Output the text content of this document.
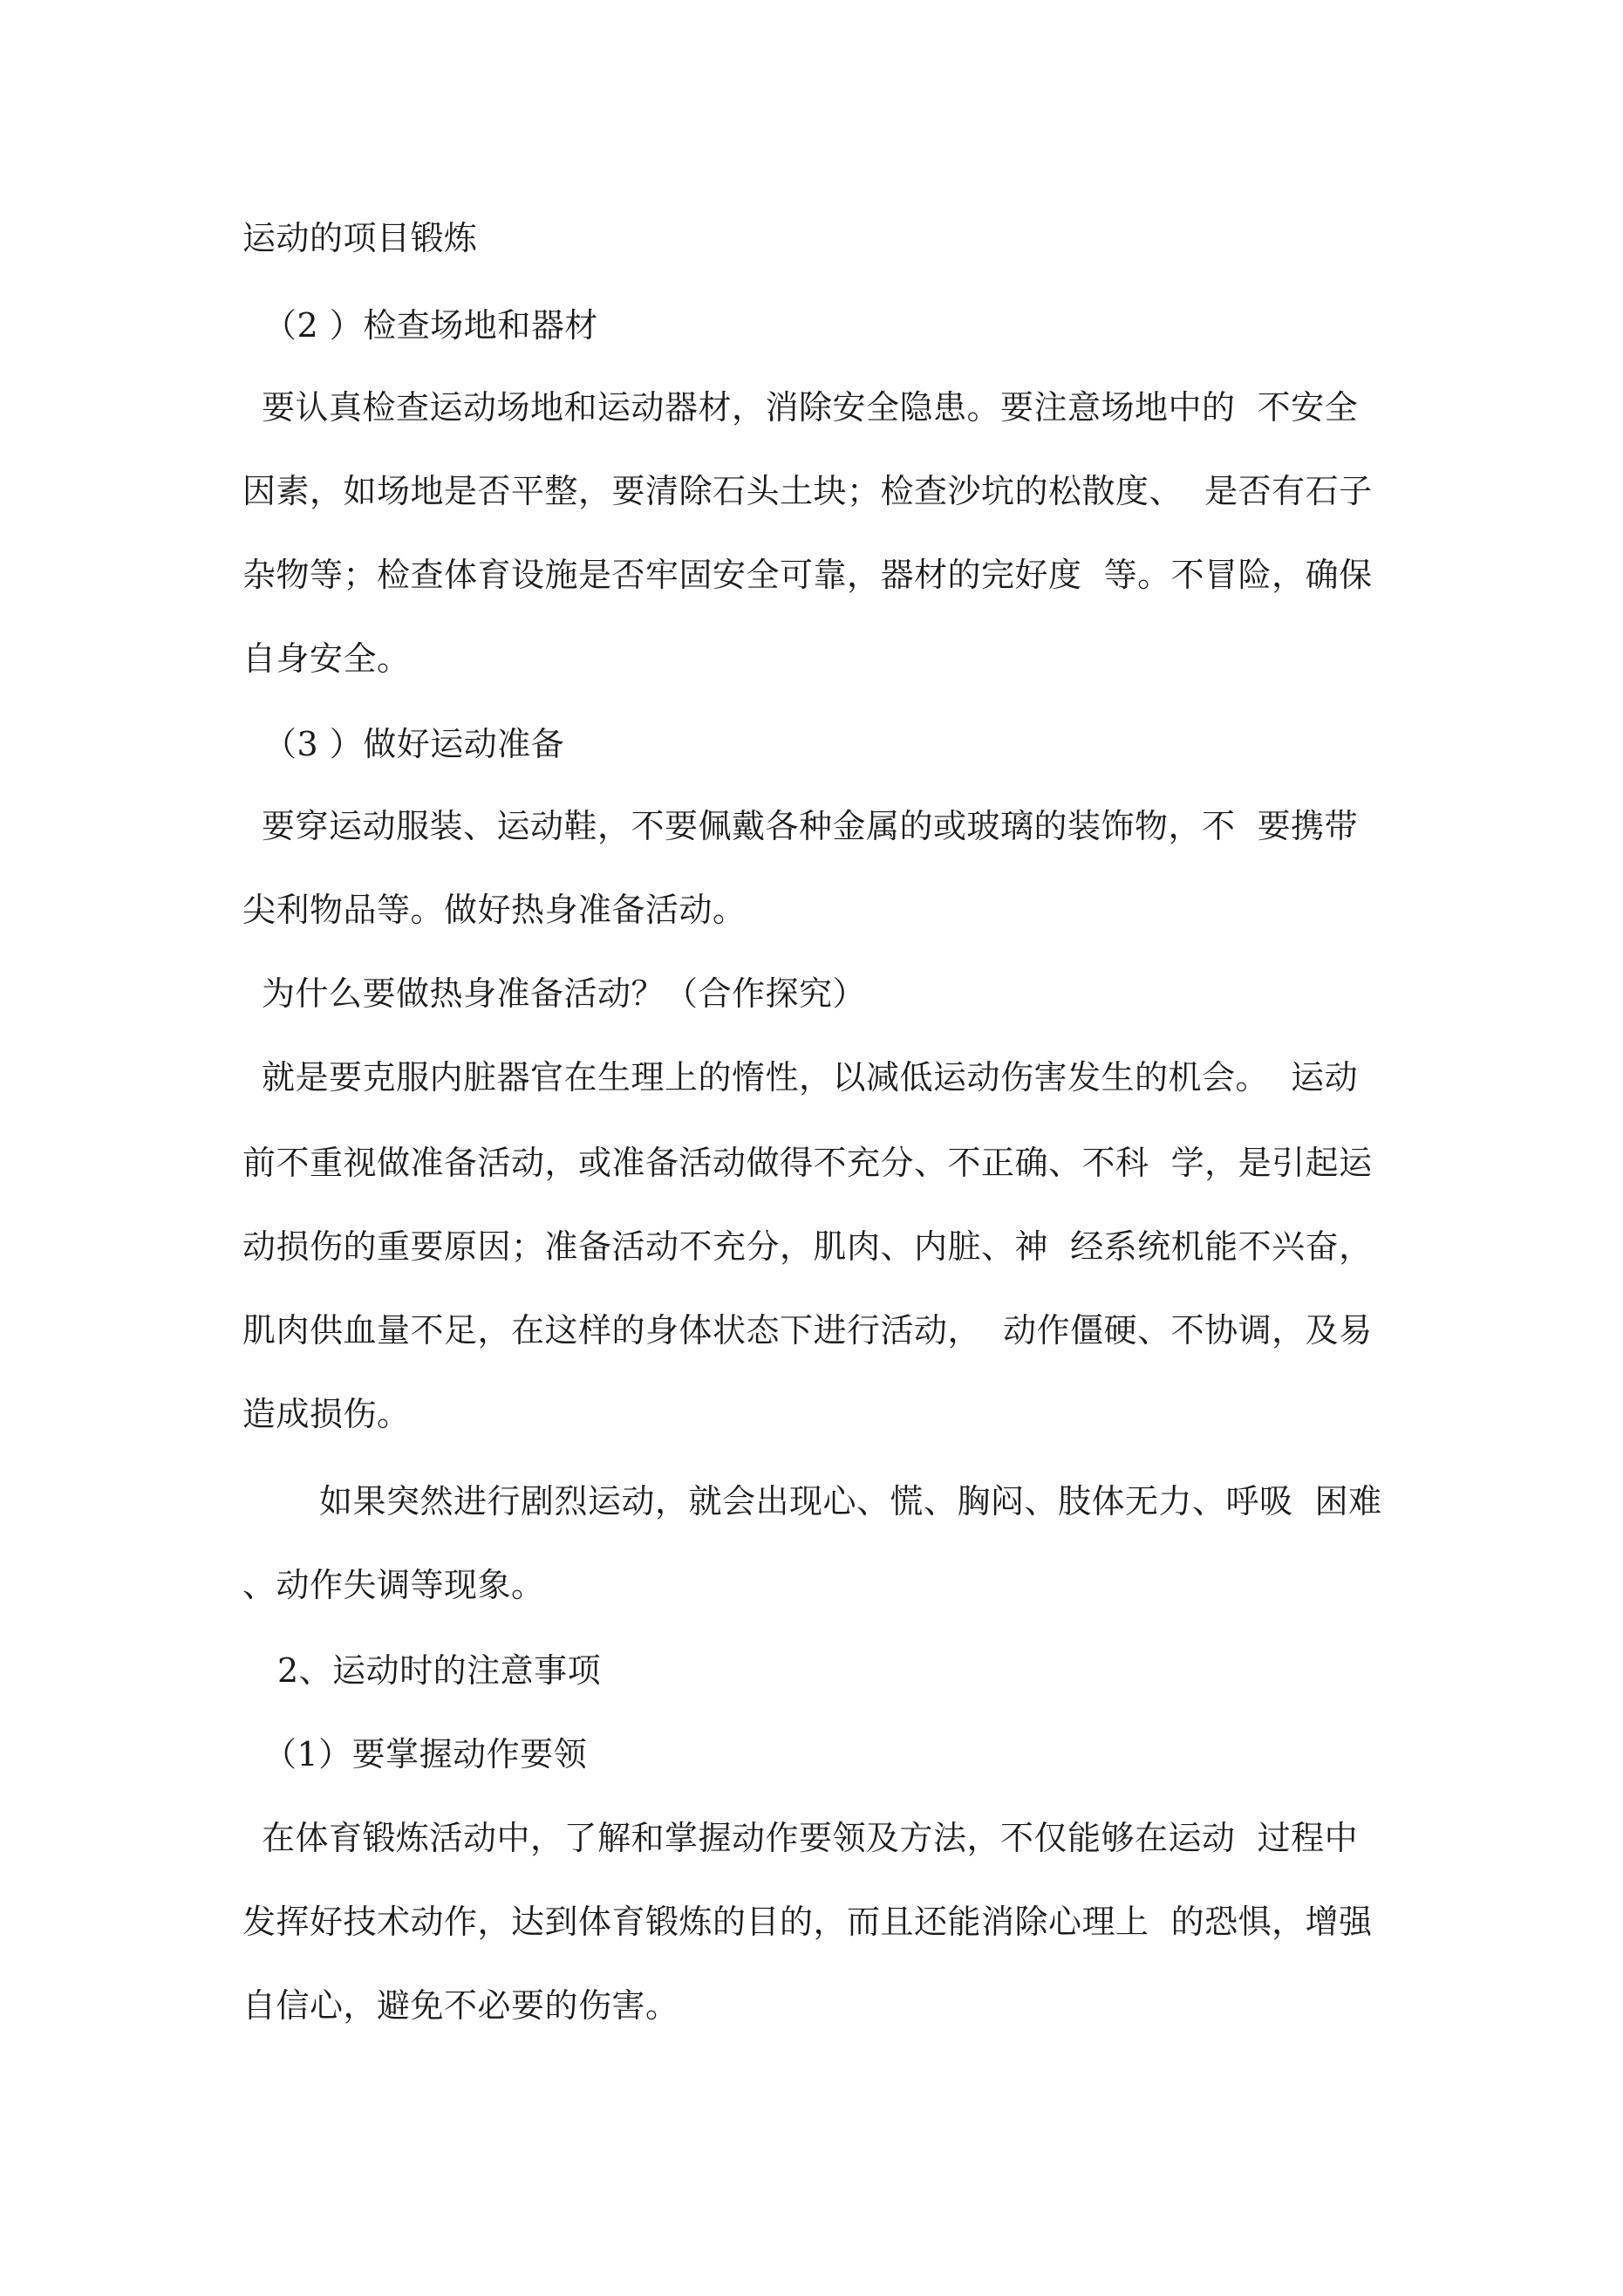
运动的项目锻炼
（2 ）检查场地和器材
要认真检查运动场地和运动器材，消除安全隐患。要注意场地中的  不安全
因素，如场地是否平整，要清除石头土块；检查沙坑的松散度、  是否有石子
杂物等；检查体育设施是否牢固安全可靠，器材的完好度  等。不冒险，确保
自身安全。
（3 ）做好运动准备
要穿运动服装、运动鞋，不要佩戴各种金属的或玻璃的装饰物，不  要携带
尖利物品等。做好热身准备活动。
为什么要做热身准备活动？（合作探究）
就是要克服内脏器官在生理上的惰性，以减低运动伤害发生的机会。  运动
前不重视做准备活动，或准备活动做得不充分、不正确、不科  学，是引起运
动损伤的重要原因；准备活动不充分，肌肉、内脏、神  经系统机能不兴奋，
肌肉供血量不足，在这样的身体状态下进行活动，  动作僵硬、不协调，及易
造成损伤。
如果突然进行剧烈运动，就会出现心、慌、胸闷、肢体无力、呼吸  困难
、动作失调等现象。
2、运动时的注意事项
（1）要掌握动作要领
在体育锻炼活动中，了解和掌握动作要领及方法，不仅能够在运动  过程中
发挥好技术动作，达到体育锻炼的目的，而且还能消除心理上  的恐惧，增强
自信心，避免不必要的伤害。
